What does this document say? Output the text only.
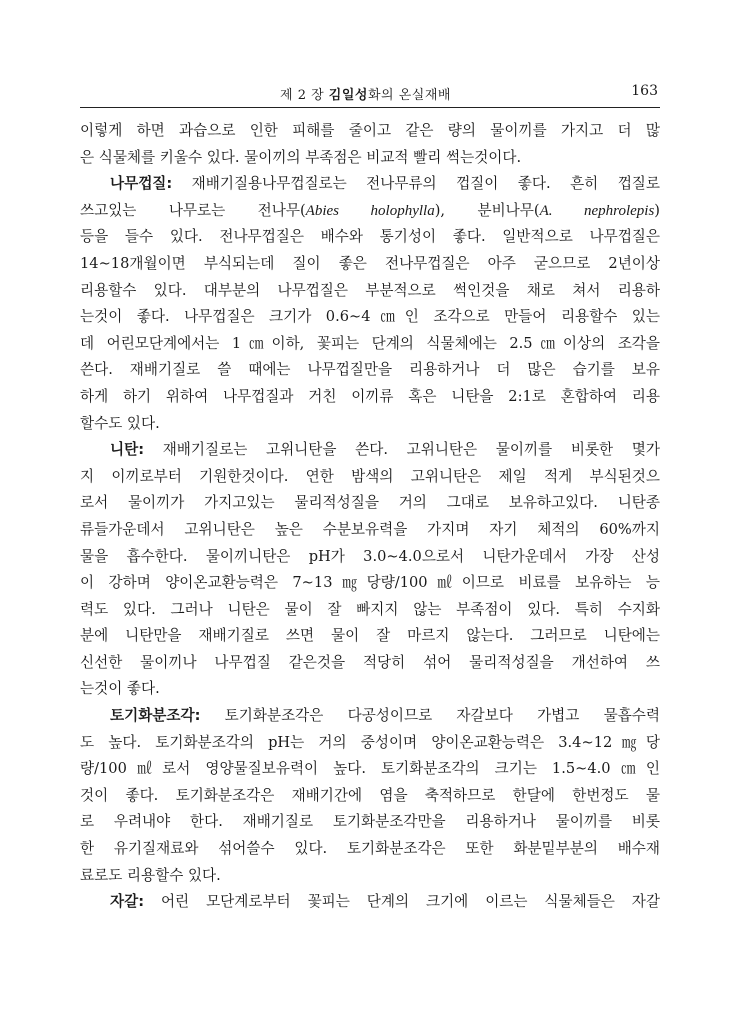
제 2 장 김일성화의 온실재배	163
이렇게 하면 과습으로 인한 피해를 줄이고 같은 량의 물이끼를 가지고 더 많
은 식물체를 키울수 있다. 물이끼의 부족점은 비교적 빨리 썩는것이다.
나무껍질: 재배기질용나무껍질로는 전나무류의 껍질이 좋다. 흔히 껍질로
쓰고있는 나무로는 전나무(Abies holophylla), 분비나무(A. nephrolepis)
등을 들수 있다. 전나무껍질은 배수와 통기성이 좋다. 일반적으로 나무껍질은
14∼18개월이면 부식되는데 질이 좋은 전나무껍질은 아주 굳으므로 2년이상
리용할수 있다. 대부분의 나무껍질은 부분적으로 썩인것을 채로 쳐서 리용하
는것이 좋다. 나무껍질은 크기가 0.6∼4㎝인 조각으로 만들어 리용할수 있는
데 어린모단계에서는 1㎝이하, 꽃피는 단계의 식물체에는 2.5㎝이상의 조각을
쓴다. 재배기질로 쓸 때에는 나무껍질만을 리용하거나 더 많은 습기를 보유
하게 하기 위하여 나무껍질과 거친 이끼류 혹은 니탄을 2:1로 혼합하여 리용
할수도 있다.
니탄: 재배기질로는 고위니탄을 쓴다. 고위니탄은 물이끼를 비롯한 몇가
지 이끼로부터 기원한것이다. 연한 밤색의 고위니탄은 제일 적게 부식된것으
로서 물이끼가 가지고있는 물리적성질을 거의 그대로 보유하고있다. 니탄종
류들가운데서 고위니탄은 높은 수분보유력을 가지며 자기 체적의 60%까지
물을 흡수한다. 물이끼니탄은 pH가 3.0∼4.0으로서 니탄가운데서 가장 산성
이 강하며 양이온교환능력은 7∼13㎎당량/100㎖이므로 비료를 보유하는 능
력도 있다. 그러나 니탄은 물이 잘 빠지지 않는 부족점이 있다. 특히 수지화
분에 니탄만을 재배기질로 쓰면 물이 잘 마르지 않는다. 그러므로 니탄에는
신선한 물이끼나 나무껍질 같은것을 적당히 섞어 물리적성질을 개선하여 쓰
는것이 좋다.
토기화분조각: 토기화분조각은 다공성이므로 자갈보다 가볍고 물흡수력
도 높다. 토기화분조각의 pH는 거의 중성이며 양이온교환능력은 3.4∼12㎎당
량/100㎖로서 영양물질보유력이 높다. 토기화분조각의 크기는 1.5∼4.0㎝인
것이 좋다. 토기화분조각은 재배기간에 염을 축적하므로 한달에 한번정도 물
로 우려내야 한다. 재배기질로 토기화분조각만을 리용하거나 물이끼를 비롯
한 유기질재료와 섞어쓸수 있다. 토기화분조각은 또한 화분밑부분의 배수재
료로도 리용할수 있다.
자갈: 어린 모단계로부터 꽃피는 단계의 크기에 이르는 식물체들은 자갈
